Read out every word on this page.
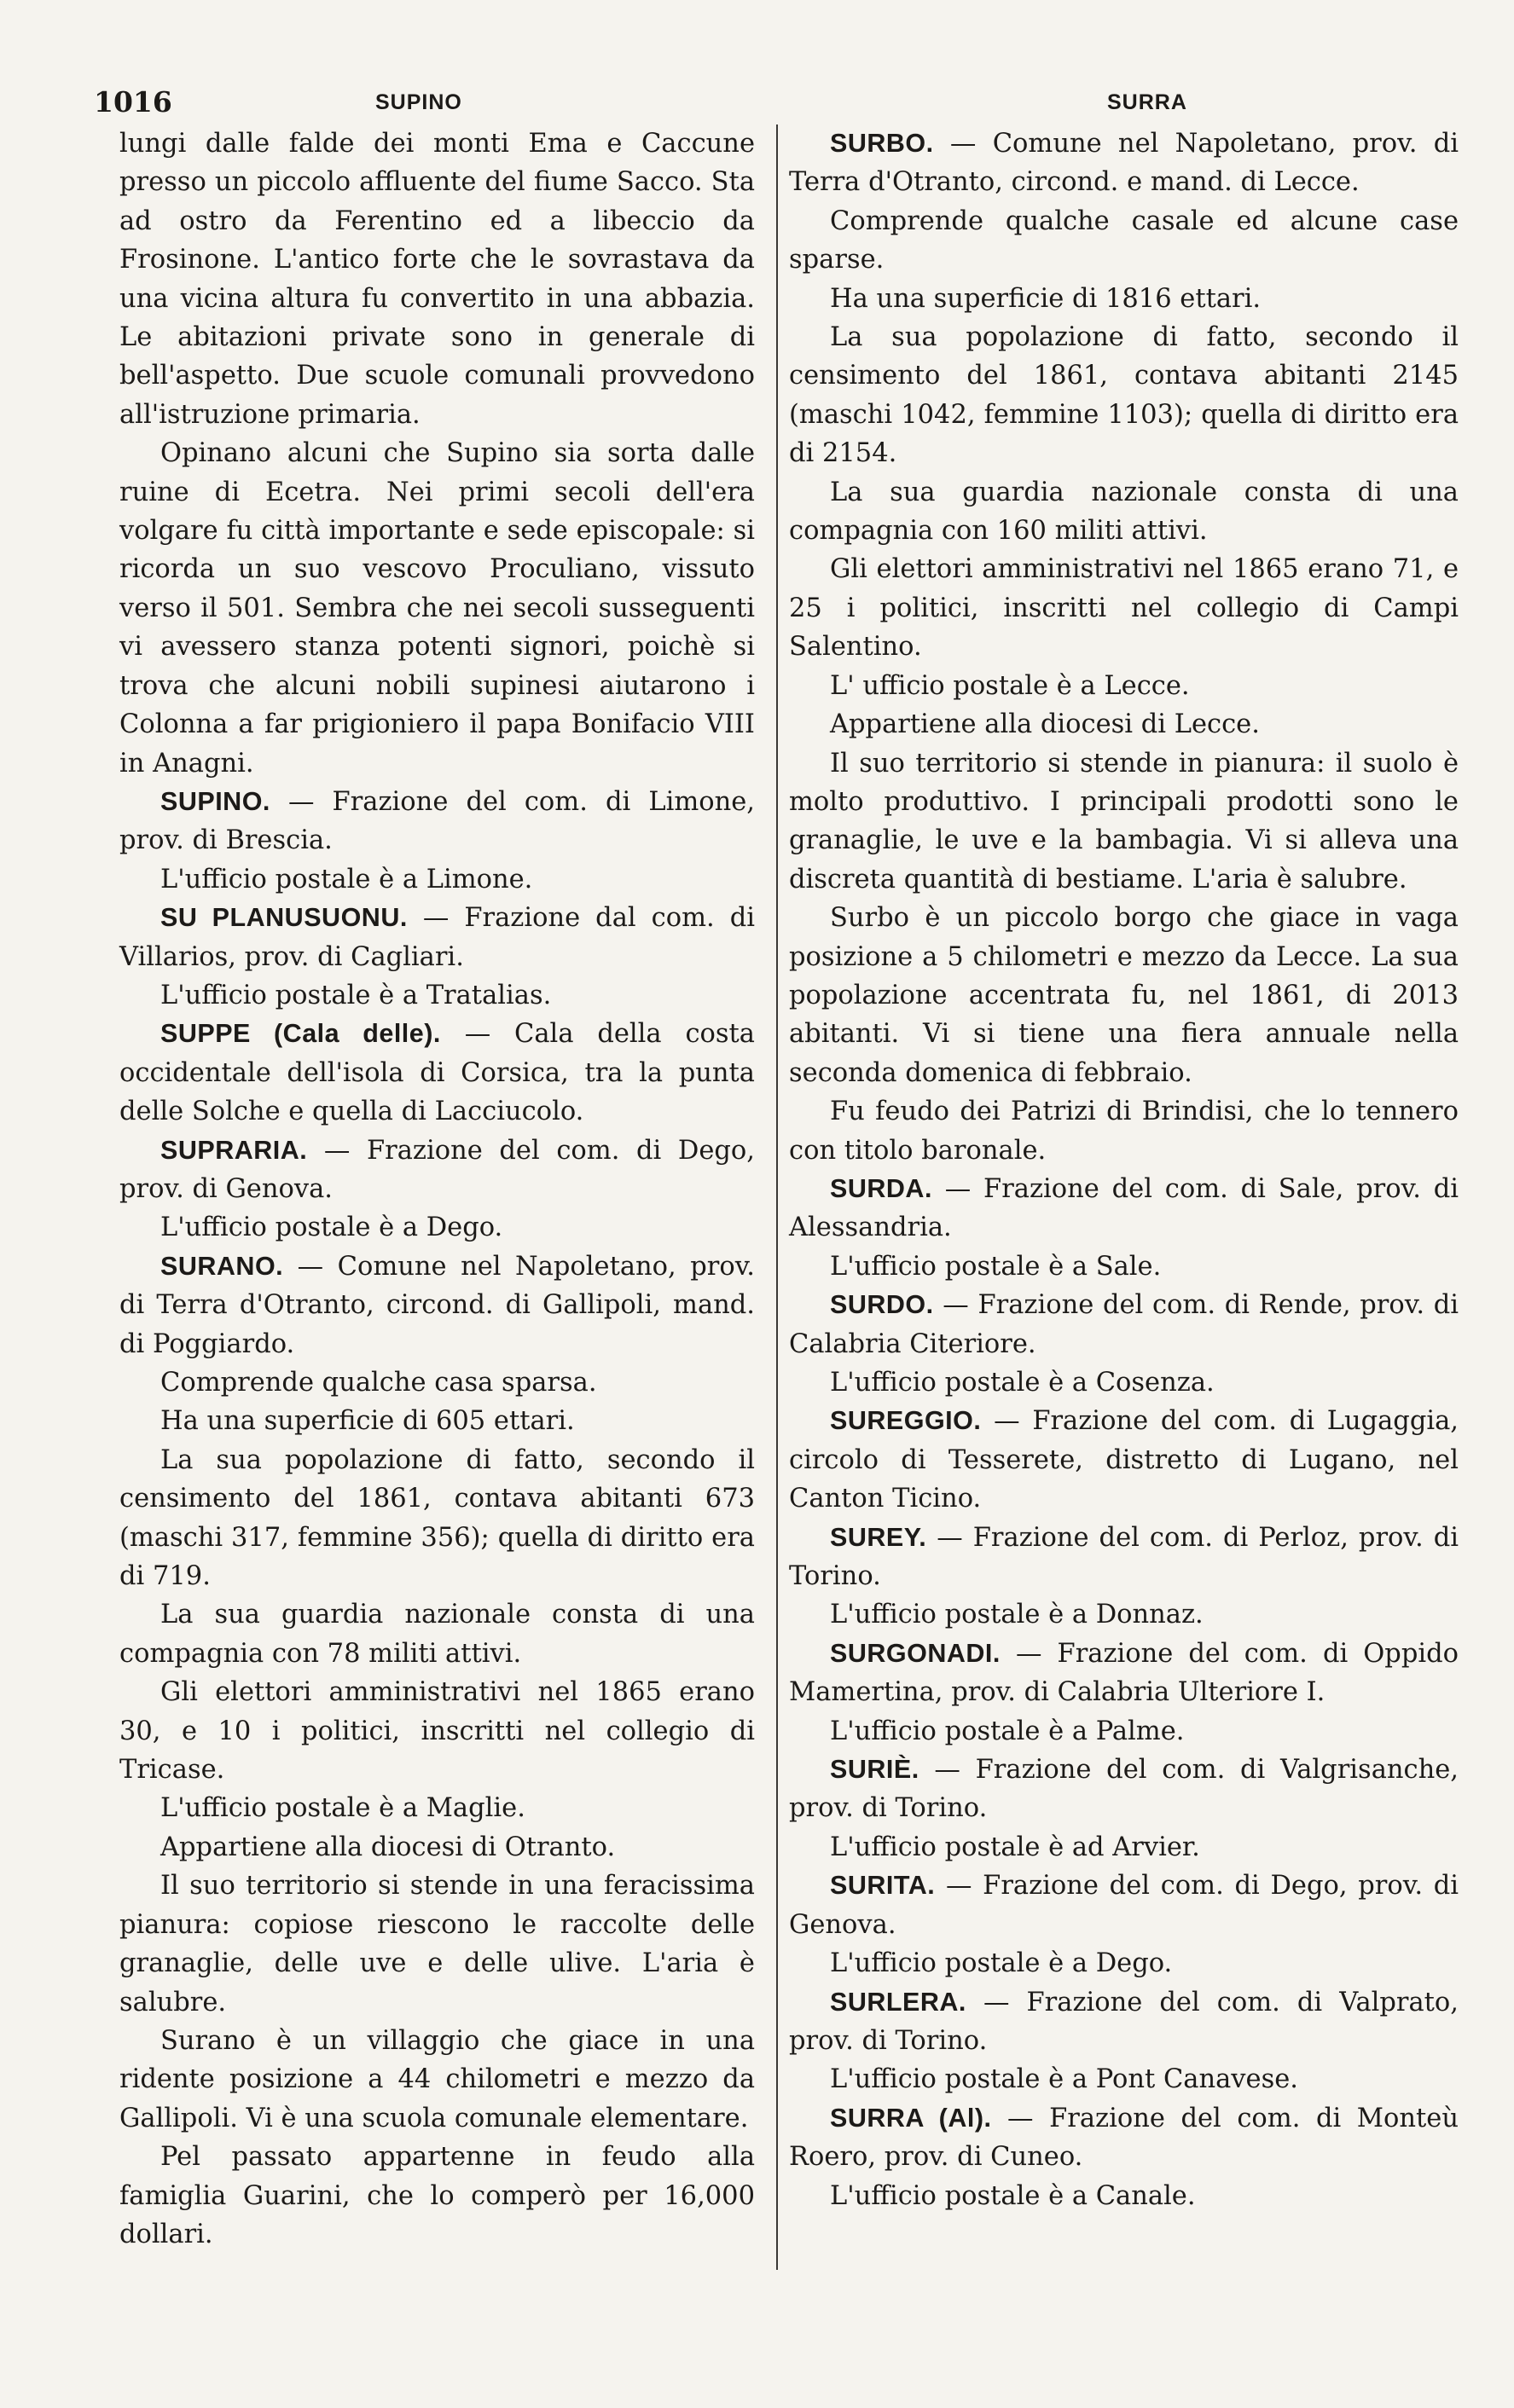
1016	SUPINO	SURRA

lungi dalle falde dei monti Ema e Caccune presso un piccolo affluente del fiume Sacco. Sta ad ostro da Ferentino ed a libeccio da Frosinone. L'antico forte che le sovrastava da una vicina altura fu convertito in una abbazia. Le abitazioni private sono in generale di bell'aspetto. Due scuole comunali provvedono all'istruzione primaria.

Opinano alcuni che Supino sia sorta dalle ruine di Ecetra. Nei primi secoli dell'era volgare fu città importante e sede episcopale: si ricorda un suo vescovo Proculiano, vissuto verso il 501. Sembra che nei secoli susseguenti vi avessero stanza potenti signori, poichè si trova che alcuni nobili supinesi aiutarono i Colonna a far prigioniero il papa Bonifacio VIII in Anagni.

SUPINO. — Frazione del com. di Limone, prov. di Brescia.

L'ufficio postale è a Limone.

SU PLANUSUONU. — Frazione dal com. di Villarios, prov. di Cagliari.

L'ufficio postale è a Tratalias.

SUPPE (Cala delle). — Cala della costa occidentale dell'isola di Corsica, tra la punta delle Solche e quella di Lacciucolo.

SUPRARIA. — Frazione del com. di Dego, prov. di Genova.

L'ufficio postale è a Dego.

SURANO. — Comune nel Napoletano, prov. di Terra d'Otranto, circond. di Gallipoli, mand. di Poggiardo.

Comprende qualche casa sparsa.

Ha una superficie di 605 ettari.

La sua popolazione di fatto, secondo il censimento del 1861, contava abitanti 673 (maschi 317, femmine 356); quella di diritto era di 719.

La sua guardia nazionale consta di una compagnia con 78 militi attivi.

Gli elettori amministrativi nel 1865 erano 30, e 10 i politici, inscritti nel collegio di Tricase.

L'ufficio postale è a Maglie.

Appartiene alla diocesi di Otranto.

Il suo territorio si stende in una feracissima pianura: copiose riescono le raccolte delle granaglie, delle uve e delle ulive. L'aria è salubre.

Surano è un villaggio che giace in una ridente posizione a 44 chilometri e mezzo da Gallipoli. Vi è una scuola comunale elementare.

Pel passato appartenne in feudo alla famiglia Guarini, che lo comperò per 16,000 dollari.

SURBO. — Comune nel Napoletano, prov. di Terra d'Otranto, circond. e mand. di Lecce.

Comprende qualche casale ed alcune case sparse.

Ha una superficie di 1816 ettari.

La sua popolazione di fatto, secondo il censimento del 1861, contava abitanti 2145 (maschi 1042, femmine 1103); quella di diritto era di 2154.

La sua guardia nazionale consta di una compagnia con 160 militi attivi.

Gli elettori amministrativi nel 1865 erano 71, e 25 i politici, inscritti nel collegio di Campi Salentino.

L' ufficio postale è a Lecce.

Appartiene alla diocesi di Lecce.

Il suo territorio si stende in pianura: il suolo è molto produttivo. I principali prodotti sono le granaglie, le uve e la bambagia. Vi si alleva una discreta quantità di bestiame. L'aria è salubre.

Surbo è un piccolo borgo che giace in vaga posizione a 5 chilometri e mezzo da Lecce. La sua popolazione accentrata fu, nel 1861, di 2013 abitanti. Vi si tiene una fiera annuale nella seconda domenica di febbraio.

Fu feudo dei Patrizi di Brindisi, che lo tennero con titolo baronale.

SURDA. — Frazione del com. di Sale, prov. di Alessandria.

L'ufficio postale è a Sale.

SURDO. — Frazione del com. di Rende, prov. di Calabria Citeriore.

L'ufficio postale è a Cosenza.

SUREGGIO. — Frazione del com. di Lugaggia, circolo di Tesserete, distretto di Lugano, nel Canton Ticino.

SUREY. — Frazione del com. di Perloz, prov. di Torino.

L'ufficio postale è a Donnaz.

SURGONADI. — Frazione del com. di Oppido Mamertina, prov. di Calabria Ulteriore I.

L'ufficio postale è a Palme.

SURIÈ. — Frazione del com. di Valgrisanche, prov. di Torino.

L'ufficio postale è ad Arvier.

SURITA. — Frazione del com. di Dego, prov. di Genova.

L'ufficio postale è a Dego.

SURLERA. — Frazione del com. di Valprato, prov. di Torino.

L'ufficio postale è a Pont Canavese.

SURRA (Al). — Frazione del com. di Monteù Roero, prov. di Cuneo.

L'ufficio postale è a Canale.
